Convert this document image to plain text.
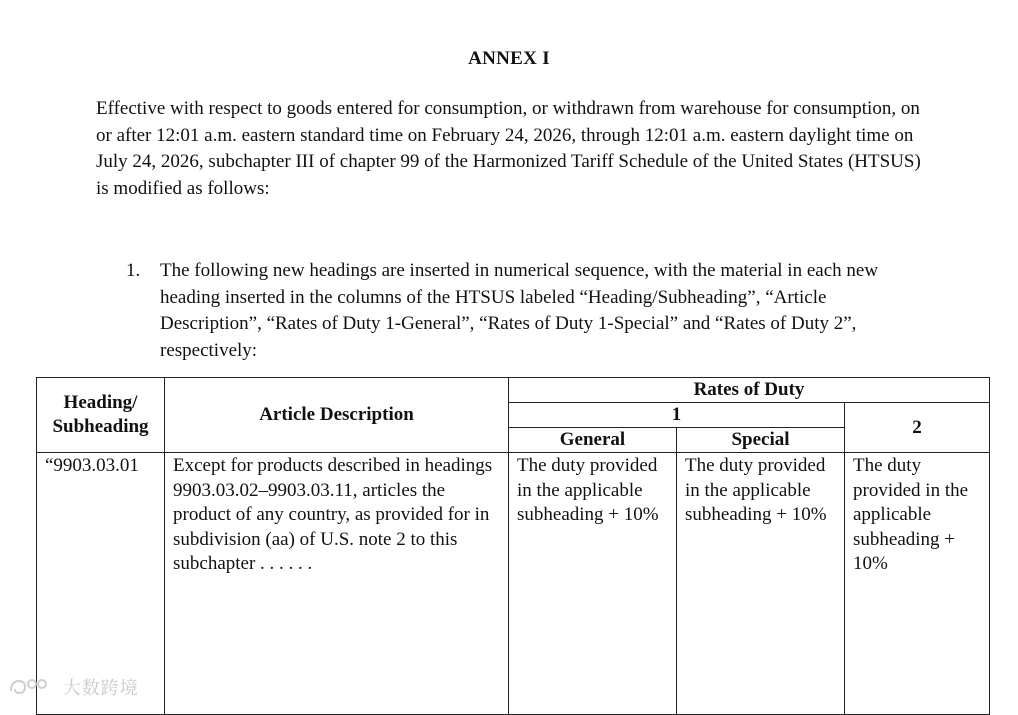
ANNEX I
Effective with respect to goods entered for consumption, or withdrawn from warehouse for consumption, on or after 12:01 a.m. eastern standard time on February 24, 2026, through 12:01 a.m. eastern daylight time on July 24, 2026, subchapter III of chapter 99 of the Harmonized Tariff Schedule of the United States (HTSUS) is modified as follows:
1. The following new headings are inserted in numerical sequence, with the material in each new heading inserted in the columns of the HTSUS labeled “Heading/Subheading”, “Article Description”, “Rates of Duty 1-General”, “Rates of Duty 1-Special” and “Rates of Duty 2”, respectively:
Heading/
Subheading	Article Description	Rates of Duty		
		1		2
		General	Special	
“9903.03.01	Except for products described in headings 9903.03.02–9903.03.11, articles the product of any country, as provided for in subdivision (aa) of U.S. note 2 to this subchapter . . . . . .	The duty provided in the applicable subheading + 10%	The duty provided in the applicable subheading + 10%	The duty provided in the applicable subheading + 10%
大数跨境
